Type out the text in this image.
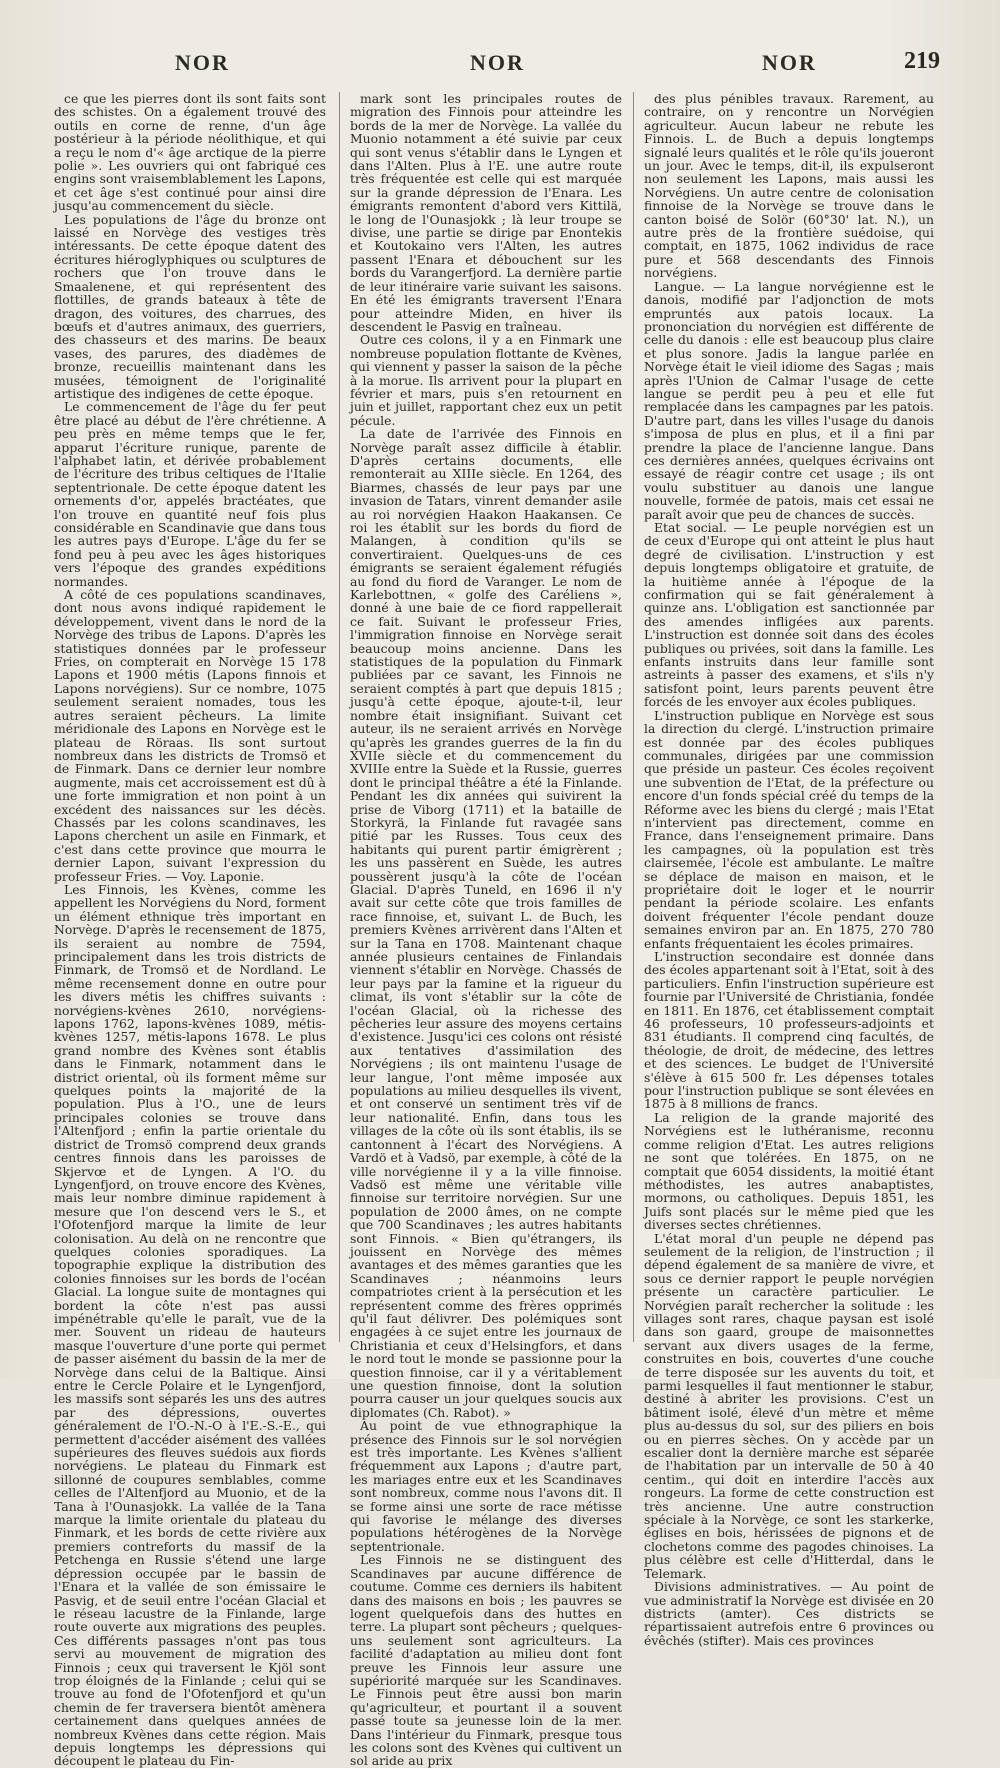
NOR	NOR	NOR	219

ce que les pierres dont ils sont faits sont des schistes. On a également trouvé des outils en corne de renne, d'un âge postérieur à la période néolithique, et qui a reçu le nom d'« âge arctique de la pierre polie ». Les ouvriers qui ont fabriqué ces engins sont vraisemblablement les Lapons, et cet âge s'est continué pour ainsi dire jusqu'au commencement du siècle.

Les populations de l'âge du bronze ont laissé en Norvège des vestiges très intéressants. De cette époque datent des écritures hiéroglyphiques ou sculptures de rochers que l'on trouve dans le Smaalenene, et qui représentent des flottilles, de grands bateaux à tête de dragon, des voitures, des charrues, des bœufs et d'autres animaux, des guerriers, des chasseurs et des marins. De beaux vases, des parures, des diadèmes de bronze, recueillis maintenant dans les musées, témoignent de l'originalité artistique des indigènes de cette époque.

Le commencement de l'âge du fer peut être placé au début de l'ère chrétienne. A peu près en même temps que le fer, apparut l'écriture runique, parente de l'alphabet latin, et dérivée probablement de l'écriture des tribus celtiques de l'Italie septentrionale. De cette époque datent les ornements d'or, appelés bractéates, que l'on trouve en quantité neuf fois plus considérable en Scandinavie que dans tous les autres pays d'Europe. L'âge du fer se fond peu à peu avec les âges historiques vers l'époque des grandes expéditions normandes.

A côté de ces populations scandinaves, dont nous avons indiqué rapidement le développement, vivent dans le nord de la Norvège des tribus de Lapons. D'après les statistiques données par le professeur Fries, on compterait en Norvège 15 178 Lapons et 1900 métis (Lapons finnois et Lapons norvégiens). Sur ce nombre, 1075 seulement seraient nomades, tous les autres seraient pêcheurs. La limite méridionale des Lapons en Norvège est le plateau de Röraas. Ils sont surtout nombreux dans les districts de Tromsö et de Finmark. Dans ce dernier leur nombre augmente, mais cet accroissement est dû à une forte immigration et non point à un excédent des naissances sur les décès. Chassés par les colons scandinaves, les Lapons cherchent un asile en Finmark, et c'est dans cette province que mourra le dernier Lapon, suivant l'expression du professeur Fries. — Voy. Laponie.

Les Finnois, les Kvènes, comme les appellent les Norvégiens du Nord, forment un élément ethnique très important en Norvège. D'après le recensement de 1875, ils seraient au nombre de 7594, principalement dans les trois districts de Finmark, de Tromsö et de Nordland. Le même recensement donne en outre pour les divers métis les chiffres suivants : norvégiens-kvènes 2610, norvégiens-lapons 1762, lapons-kvènes 1089, métis-kvènes 1257, métis-lapons 1678. Le plus grand nombre des Kvènes sont établis dans le Finmark, notamment dans le district oriental, où ils forment même sur quelques points la majorité de la population. Plus à l'O., une de leurs principales colonies se trouve dans l'Altenfjord ; enfin la partie orientale du district de Tromsö comprend deux grands centres finnois dans les paroisses de Skjervœ et de Lyngen. A l'O. du Lyngenfjord, on trouve encore des Kvènes, mais leur nombre diminue rapidement à mesure que l'on descend vers le S., et l'Ofotenfjord marque la limite de leur colonisation. Au delà on ne rencontre que quelques colonies sporadiques. La topographie explique la distribution des colonies finnoises sur les bords de l'océan Glacial. La longue suite de montagnes qui bordent la côte n'est pas aussi impénétrable qu'elle le paraît, vue de la mer. Souvent un rideau de hauteurs masque l'ouverture d'une porte qui permet de passer aisément du bassin de la mer de Norvège dans celui de la Baltique. Ainsi entre le Cercle Polaire et le Lyngenfjord, les massifs sont séparés les uns des autres par des dépressions, ouvertes généralement de l'O.-N.-O à l'E.-S.-E., qui permettent d'accéder aisément des vallées supérieures des fleuves suédois aux fiords norvégiens. Le plateau du Finmark est sillonné de coupures semblables, comme celles de l'Altenfjord au Muonio, et de la Tana à l'Ounasjokk. La vallée de la Tana marque la limite orientale du plateau du Finmark, et les bords de cette rivière aux premiers contreforts du massif de la Petchenga en Russie s'étend une large dépression occupée par le bassin de l'Enara et la vallée de son émissaire le Pasvig, et de seuil entre l'océan Glacial et le réseau lacustre de la Finlande, large route ouverte aux migrations des peuples. Ces différents passages n'ont pas tous servi au mouvement de migration des Finnois ; ceux qui traversent le Kjöl sont trop éloignés de la Finlande ; celui qui se trouve au fond de l'Ofotenfjord et qu'un chemin de fer traversera bientôt amènera certainement dans quelques années de nombreux Kvènes dans cette région. Mais depuis longtemps les dépressions qui découpent le plateau du Fin-

mark sont les principales routes de migration des Finnois pour atteindre les bords de la mer de Norvège. La vallée du Muonio notamment a été suivie par ceux qui sont venus s'établir dans le Lyngen et dans l'Alten. Plus à l'E. une autre route très fréquentée est celle qui est marquée sur la grande dépression de l'Enara. Les émigrants remontent d'abord vers Kittilä, le long de l'Ounasjokk ; là leur troupe se divise, une partie se dirige par Enontekis et Koutokaino vers l'Alten, les autres passent l'Enara et débouchent sur les bords du Varangerfjord. La dernière partie de leur itinéraire varie suivant les saisons. En été les émigrants traversent l'Enara pour atteindre Miden, en hiver ils descendent le Pasvig en traîneau.

Outre ces colons, il y a en Finmark une nombreuse population flottante de Kvènes, qui viennent y passer la saison de la pêche à la morue. Ils arrivent pour la plupart en février et mars, puis s'en retournent en juin et juillet, rapportant chez eux un petit pécule.

La date de l'arrivée des Finnois en Norvège paraît assez difficile à établir. D'après certains documents, elle remonterait au XIIIe siècle. En 1264, des Biarmes, chassés de leur pays par une invasion de Tatars, vinrent demander asile au roi norvégien Haakon Haakansen. Ce roi les établit sur les bords du fiord de Malangen, à condition qu'ils se convertiraient. Quelques-uns de ces émigrants se seraient également réfugiés au fond du fiord de Varanger. Le nom de Karlebottnen, « golfe des Caréliens », donné à une baie de ce fiord rappellerait ce fait. Suivant le professeur Fries, l'immigration finnoise en Norvège serait beaucoup moins ancienne. Dans les statistiques de la population du Finmark publiées par ce savant, les Finnois ne seraient comptés à part que depuis 1815 ; jusqu'à cette époque, ajoute-t-il, leur nombre était insignifiant. Suivant cet auteur, ils ne seraient arrivés en Norvège qu'après les grandes guerres de la fin du XVIIe siècle et du commencement du XVIIIe entre la Suède et la Russie, guerres dont le principal théâtre a été la Finlande. Pendant les dix années qui suivirent la prise de Viborg (1711) et la bataille de Storkyrä, la Finlande fut ravagée sans pitié par les Russes. Tous ceux des habitants qui purent partir émigrèrent ; les uns passèrent en Suède, les autres poussèrent jusqu'à la côte de l'océan Glacial. D'après Tuneld, en 1696 il n'y avait sur cette côte que trois familles de race finnoise, et, suivant L. de Buch, les premiers Kvènes arrivèrent dans l'Alten et sur la Tana en 1708. Maintenant chaque année plusieurs centaines de Finlandais viennent s'établir en Norvège. Chassés de leur pays par la famine et la rigueur du climat, ils vont s'établir sur la côte de l'océan Glacial, où la richesse des pêcheries leur assure des moyens certains d'existence. Jusqu'ici ces colons ont résisté aux tentatives d'assimilation des Norvégiens ; ils ont maintenu l'usage de leur langue, l'ont même imposée aux populations au milieu desquelles ils vivent, et ont conservé un sentiment très vif de leur nationalité. Enfin, dans tous les villages de la côte où ils sont établis, ils se cantonnent à l'écart des Norvégiens. A Vardö et à Vadsö, par exemple, à côté de la ville norvégienne il y a la ville finnoise. Vadsö est même une véritable ville finnoise sur territoire norvégien. Sur une population de 2000 âmes, on ne compte que 700 Scandinaves ; les autres habitants sont Finnois. « Bien qu'étrangers, ils jouissent en Norvège des mêmes avantages et des mêmes garanties que les Scandinaves ; néanmoins leurs compatriotes crient à la persécution et les représentent comme des frères opprimés qu'il faut délivrer. Des polémiques sont engagées à ce sujet entre les journaux de Christiania et ceux d'Helsingfors, et dans le nord tout le monde se passionne pour la question finnoise, car il y a véritablement une question finnoise, dont la solution pourra causer un jour quelques soucis aux diplomates (Ch. Rabot). »

Au point de vue ethnographique la présence des Finnois sur le sol norvégien est très importante. Les Kvènes s'allient fréquemment aux Lapons ; d'autre part, les mariages entre eux et les Scandinaves sont nombreux, comme nous l'avons dit. Il se forme ainsi une sorte de race métisse qui favorise le mélange des diverses populations hétérogènes de la Norvège septentrionale.

Les Finnois ne se distinguent des Scandinaves par aucune différence de coutume. Comme ces derniers ils habitent dans des maisons en bois ; les pauvres se logent quelquefois dans des huttes en terre. La plupart sont pêcheurs ; quelques-uns seulement sont agriculteurs. La facilité d'adaptation au milieu dont font preuve les Finnois leur assure une supériorité marquée sur les Scandinaves. Le Finnois peut être aussi bon marin qu'agriculteur, et pourtant il a souvent passé toute sa jeunesse loin de la mer. Dans l'intérieur du Finmark, presque tous les colons sont des Kvènes qui cultivent un sol aride au prix

des plus pénibles travaux. Rarement, au contraire, on y rencontre un Norvégien agriculteur. Aucun labeur ne rebute les Finnois. L. de Buch a depuis longtemps signalé leurs qualités et le rôle qu'ils joueront un jour. Avec le temps, dit-il, ils expulseront non seulement les Lapons, mais aussi les Norvégiens. Un autre centre de colonisation finnoise de la Norvège se trouve dans le canton boisé de Solör (60°30' lat. N.), un autre près de la frontière suédoise, qui comptait, en 1875, 1062 individus de race pure et 568 descendants des Finnois norvégiens.

Langue. — La langue norvégienne est le danois, modifié par l'adjonction de mots empruntés aux patois locaux. La prononciation du norvégien est différente de celle du danois : elle est beaucoup plus claire et plus sonore. Jadis la langue parlée en Norvège était le vieil idiome des Sagas ; mais après l'Union de Calmar l'usage de cette langue se perdit peu à peu et elle fut remplacée dans les campagnes par les patois. D'autre part, dans les villes l'usage du danois s'imposa de plus en plus, et il a fini par prendre la place de l'ancienne langue. Dans ces dernières années, quelques écrivains ont essayé de réagir contre cet usage ; ils ont voulu substituer au danois une langue nouvelle, formée de patois, mais cet essai ne paraît avoir que peu de chances de succès.

Etat social. — Le peuple norvégien est un de ceux d'Europe qui ont atteint le plus haut degré de civilisation. L'instruction y est depuis longtemps obligatoire et gratuite, de la huitième année à l'époque de la confirmation qui se fait généralement à quinze ans. L'obligation est sanctionnée par des amendes infligées aux parents. L'instruction est donnée soit dans des écoles publiques ou privées, soit dans la famille. Les enfants instruits dans leur famille sont astreints à passer des examens, et s'ils n'y satisfont point, leurs parents peuvent être forcés de les envoyer aux écoles publiques.

L'instruction publique en Norvège est sous la direction du clergé. L'instruction primaire est donnée par des écoles publiques communales, dirigées par une commission que préside un pasteur. Ces écoles reçoivent une subvention de l'Etat, de la préfecture ou encore d'un fonds spécial créé du temps de la Réforme avec les biens du clergé ; mais l'Etat n'intervient pas directement, comme en France, dans l'enseignement primaire. Dans les campagnes, où la population est très clairsemée, l'école est ambulante. Le maître se déplace de maison en maison, et le propriétaire doit le loger et le nourrir pendant la période scolaire. Les enfants doivent fréquenter l'école pendant douze semaines environ par an. En 1875, 270 780 enfants fréquentaient les écoles primaires.

L'instruction secondaire est donnée dans des écoles appartenant soit à l'Etat, soit à des particuliers. Enfin l'instruction supérieure est fournie par l'Université de Christiania, fondée en 1811. En 1876, cet établissement comptait 46 professeurs, 10 professeurs-adjoints et 831 étudiants. Il comprend cinq facultés, de théologie, de droit, de médecine, des lettres et des sciences. Le budget de l'Université s'élève à 615 500 fr. Les dépenses totales pour l'instruction publique se sont élevées en 1875 à 8 millions de francs.

La religion de la grande majorité des Norvégiens est le luthéranisme, reconnu comme religion d'Etat. Les autres religions ne sont que tolérées. En 1875, on ne comptait que 6054 dissidents, la moitié étant méthodistes, les autres anabaptistes, mormons, ou catholiques. Depuis 1851, les Juifs sont placés sur le même pied que les diverses sectes chrétiennes.

L'état moral d'un peuple ne dépend pas seulement de la religion, de l'instruction ; il dépend également de sa manière de vivre, et sous ce dernier rapport le peuple norvégien présente un caractère particulier. Le Norvégien paraît rechercher la solitude : les villages sont rares, chaque paysan est isolé dans son gaard, groupe de maisonnettes servant aux divers usages de la ferme, construites en bois, couvertes d'une couche de terre disposée sur les auvents du toit, et parmi lesquelles il faut mentionner le stabur, destiné à abriter les provisions. C'est un bâtiment isolé, élevé d'un mètre et même plus au-dessus du sol, sur des piliers en bois ou en pierres sèches. On y accède par un escalier dont la dernière marche est séparée de l'habitation par un intervalle de 50 à 40 centim., qui doit en interdire l'accès aux rongeurs. La forme de cette construction est très ancienne. Une autre construction spéciale à la Norvège, ce sont les starkerke, églises en bois, hérissées de pignons et de clochetons comme des pagodes chinoises. La plus célèbre est celle d'Hitterdal, dans le Telemark.

Divisions administratives. — Au point de vue administratif la Norvège est divisée en 20 districts (amter). Ces districts se répartissaient autrefois entre 6 provinces ou évêchés (stifter). Mais ces provinces
